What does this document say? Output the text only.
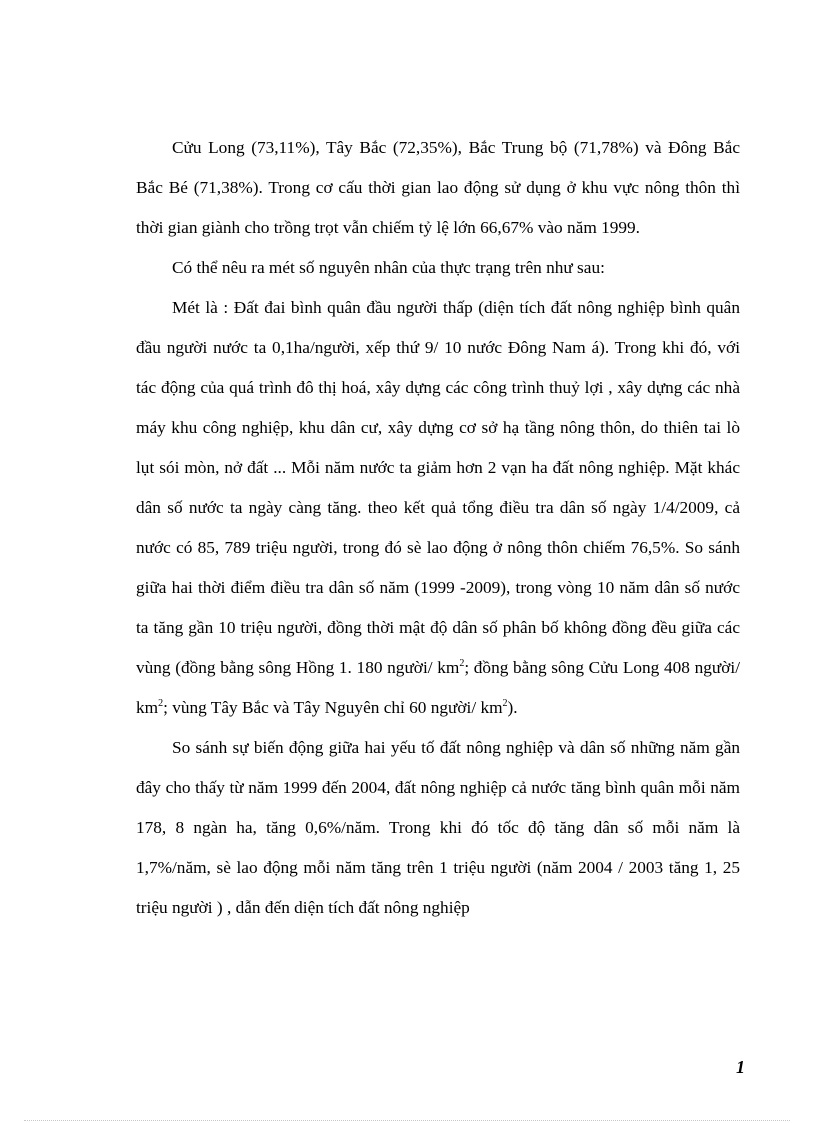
Cửu Long (73,11%), Tây Bắc (72,35%), Bắc Trung bộ (71,78%) và Đông Bắc Bắc Bé (71,38%). Trong cơ cấu thời gian lao động sử dụng ở khu vực nông thôn thì thời gian giành cho trồng trọt vẫn chiếm tỷ lệ lớn 66,67% vào năm 1999.

Có thể nêu ra mét số nguyên nhân của thực trạng trên như sau:

Mét là : Đất đai bình quân đầu người thấp (diện tích đất nông nghiệp bình quân đầu người nước ta 0,1ha/người, xếp thứ 9/ 10 nước Đông Nam á). Trong khi đó, với tác động của quá trình đô thị hoá, xây dựng các công trình thuỷ lợi , xây dựng các nhà máy khu công nghiệp, khu dân cư, xây dựng cơ sở hạ tầng nông thôn, do thiên tai lò lụt sói mòn, nở đất ... Mỗi năm nước ta giảm hơn 2 vạn ha đất nông nghiệp. Mặt khác dân số nước ta ngày càng tăng. theo kết quả tổng điều tra dân số ngày 1/4/2009, cả nước có 85, 789 triệu người, trong đó sè lao động ở nông thôn chiếm 76,5%. So sánh giữa hai thời điểm điều tra dân số năm (1999 -2009), trong vòng 10 năm dân số nước ta tăng gần 10 triệu người, đồng thời mật độ dân số phân bố không đồng đều giữa các vùng (đồng bằng sông Hồng 1. 180 người/ $km^2$; đồng bằng sông Cửu Long 408 người/ $km^2$; vùng Tây Bắc và Tây Nguyên chỉ 60 người/ $km^2$).

So sánh sự biến động giữa hai yếu tố đất nông nghiệp và dân số những năm gần đây cho thấy từ năm 1999 đến 2004, đất nông nghiệp cả nước tăng bình quân mỗi năm 178, 8 ngàn ha, tăng 0,6%/năm. Trong khi đó tốc độ tăng dân số mỗi năm là 1,7%/năm, sè lao động mỗi năm tăng trên 1 triệu người (năm 2004 / 2003 tăng 1, 25 triệu người ) , dẫn đến diện tích đất nông nghiệp

1
